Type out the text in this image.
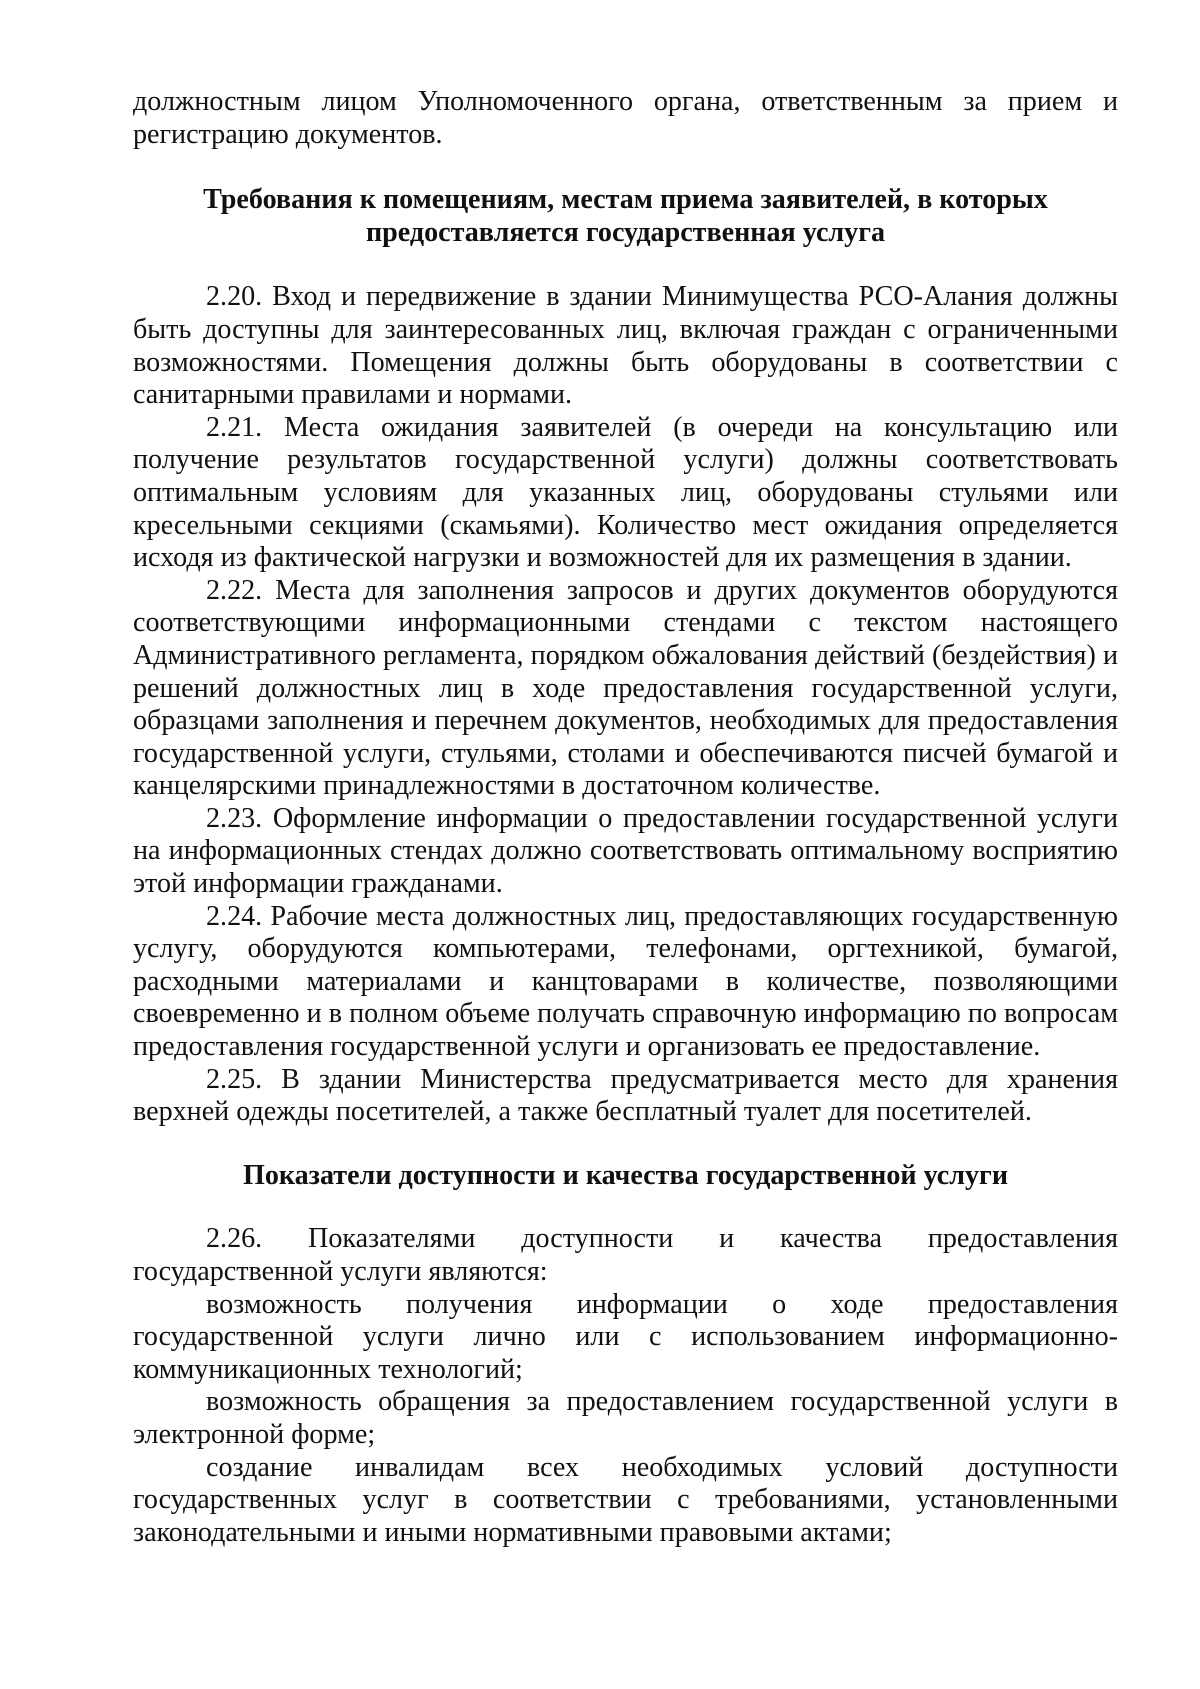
должностным лицом Уполномоченного органа, ответственным за прием и регистрацию документов.

Требования к помещениям, местам приема заявителей, в которых предоставляется государственная услуга

2.20. Вход и передвижение в здании Минимущества РСО-Алания должны быть доступны для заинтересованных лиц, включая граждан с ограниченными возможностями. Помещения должны быть оборудованы в соответствии с санитарными правилами и нормами.

2.21. Места ожидания заявителей (в очереди на консультацию или получение результатов государственной услуги) должны соответствовать оптимальным условиям для указанных лиц, оборудованы стульями или кресельными секциями (скамьями). Количество мест ожидания определяется исходя из фактической нагрузки и возможностей для их размещения в здании.

2.22. Места для заполнения запросов и других документов оборудуются соответствующими информационными стендами с текстом настоящего Административного регламента, порядком обжалования действий (бездействия) и решений должностных лиц в ходе предоставления государственной услуги, образцами заполнения и перечнем документов, необходимых для предоставления государственной услуги, стульями, столами и обеспечиваются писчей бумагой и канцелярскими принадлежностями в достаточном количестве.

2.23. Оформление информации о предоставлении государственной услуги на информационных стендах должно соответствовать оптимальному восприятию этой информации гражданами.

2.24. Рабочие места должностных лиц, предоставляющих государственную услугу, оборудуются компьютерами, телефонами, оргтехникой, бумагой, расходными материалами и канцтоварами в количестве, позволяющими своевременно и в полном объеме получать справочную информацию по вопросам предоставления государственной услуги и организовать ее предоставление.

2.25. В здании Министерства предусматривается место для хранения верхней одежды посетителей, а также бесплатный туалет для посетителей.

Показатели доступности и качества государственной услуги

2.26. Показателями доступности и качества предоставления государственной услуги являются:

возможность получения информации о ходе предоставления государственной услуги лично или с использованием информационно-коммуникационных технологий;

возможность обращения за предоставлением государственной услуги в электронной форме;

создание инвалидам всех необходимых условий доступности государственных услуг в соответствии с требованиями, установленными законодательными и иными нормативными правовыми актами;
